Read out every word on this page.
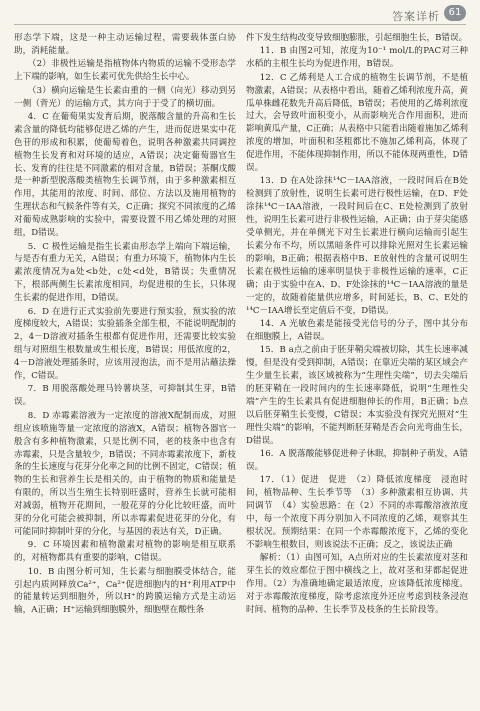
答案详析 61

形态学下端，这是一种主动运输过程，需要载体蛋白协助，消耗能量。

（2）非极性运输是指植物体内物质的运输不受形态学上下端的影响，如生长素可优先供给生长中心。

（3）横向运输是生长素由重的一侧（向光）移动到另一侧（背光）的运输方式，其方向于于受了的横切面。

4．C 在葡萄果实发育后期，脱落酸含量的升高和生长素含量的降低均能够促进乙烯的产生，进而促进果实中花色苷的形成和积累，使葡萄着色，说明各种激素共同调控植物生长发育和对环境的适应，A错误；决定葡萄器官生长、发育的往往是不同激素的相对含量，B错误；茶酮戊酸是一种新型脱落酸类植物生长调节剂，由于多种激素相互作用，其能用的浓度、时间、部位、方法以及施用植物的生理状态和气候条件等有关，C正确；探究不同浓度的乙烯对葡萄成熟影响的实验中，需要设置不用乙烯处理的对照组，D错误。

5．C 极性运输是指生长素由形态学上端向下端运输，与是否有重力无关，A错误；有重力环境下，植物体内生长素浓度情况为a处<b处，c处<d处，B错误；失重情况下，根部两侧生长素浓度相同，均促进根的生长，只体现生长素的促进作用，D错误。

6．D 在进行正式实验前先要进行预实验，预实验的浓度梯度较大，A错误；实验插条全部生根，不能说明配制的2，4－D溶液对插条生根都有促进作用，还需要比较实验组与对照组生根数量或生根长度，B错误；用低浓度的2，4－D溶液处理插条时，应该用浸泡法，而不是用沾蘸法操作，C错误。

7．B 用脱落酸处理马铃薯块茎，可抑制其生芽，B错误。

8．D 赤霉素溶液为一定浓度的溶液X配制而成，对照组应该喷施等量一定浓度的溶液X，A错误；植物各器官一般含有多种植物激素，只是比例不同，老的枝条中也含有赤霉素，只是含量较少，B错误；不同赤霉素浓度下，新枝条的生长速度与花芽分化率之间的比例不固定，C错误；植物的生长和营养生长是相关的，由于植物的物质和能量是有限的，所以当生殖生长特别旺盛时，营养生长就可能相对减弱，植物开花期间，一般花芽的分化比较旺盛，而叶芽的分化可能会被抑制，所以赤霉素促进花芽的分化，有可能同时抑制叶芽的分化，与基因的表达有关，D正确。

9．C 环境因素和植物激素对植物的影响是相互联系的，对植物都具有重要的影响，C错误。

10．B 由图分析可知，生长素与细胞膜受体结合，能引起内质网释放Ca²⁺，Ca²⁺促进细胞内的H⁺利用ATP中的能量转运到细胞外，所以H⁺的跨膜运输方式是主动运输，A正确；H⁺运输到细胞膜外，细胞壁在酸性条

件下发生结构改变导致细胞膨胀，引起细胞生长，B错误。

11．B 由图2可知，浓度为10⁻¹ mol/L的PAC对三种水稻的主根生长均为促进作用，B错误。

12．C 乙烯利是人工合成的植物生长调节剂，不是植物激素，A错误；从表格中看出，随着乙烯利浓度升高，黄瓜单株雌花数先升高后降低，B错误；若使用的乙烯利浓度过大，会导致叶面积变小，从而影响光合作用面积，进而影响黄瓜产量，C正确；从表格中只能看出随着施加乙烯利浓度的增加，叶面积和茎粗都比不施加乙烯利高，体现了促进作用，不能体现抑制作用，所以不能体现两重性，D错误。

13．D 在A处涂抹¹⁴C－IAA溶液，一段时间后在B处检测到了放射性，说明生长素可进行极性运输，在D、F处涂抹¹⁴C－IAA溶液，一段时间后在C、E处检测到了放射性，说明生长素可进行非极性运输，A正确；由于芽尖能感受单侧光，并在单侧光下对生长素进行横向运输而引起生长素分布不均，所以黑暗条件可以排除光照对生长素运输的影响，B正确；根据表格中B、E放射性的含量可说明生长素在极性运输的速率明显快于非极性运输的速率，C正确；由于实验中在A、D、F处涂抹的¹⁴C－IAA溶液的量是一定的，故随着能量供应增多，时间延长，B、C、E处的¹⁴C－IAA增长至定值后不变，D错误。

14．A 光敏色素是能接受光信号的分子，图中其分布在细胞膜上，A错误。

15．B a点之前由于胚芽鞘尖端被切除，其生长速率减慢，但是没有受到抑制，A错误；在靠近尖端的某区域会产生少量生长素，该区域被称为“生理性尖端”，切去尖端后的胚芽鞘在一段时间内的生长速率降低，说明“生理性尖端”产生的生长素具有促进细胞伸长的作用，B正确；b点以后胚芽鞘生长变慢，C错误；本实验没有探究光照对“生理性尖端”的影响，不能判断胚芽鞘是否会向光弯曲生长，D错误。

16．A 脱落酸能够促进种子休眠，抑制种子萌发，A错误。

17．（1）促进　促进　（2）降低浓度梯度　浸泡时间，植物品种、生长季节等　（3）多种激素相互协调、共同调节　（4）实验思路：在（2）不同的赤霉酸溶液浓度中，每一个浓度下再分别加入不同浓度的乙烯，观察其生根状况。预期结果：在同一个赤霉酸浓度下，乙烯的变化不影响生根数目，则该说法不正确；反之，该说法正确

解析：（1）由图可知，A点所对应的生长素浓度对茎和芽生长的效应都位于图中横线之上，故对茎和芽都起促进作用。（2）为准确地确定最适浓度，应该降低浓度梯度。对于赤霉酸浓度梯度，除考虑浓度外还应考虑到枝条浸泡时间、植物的品种、生长季节及枝条的生长阶段等。
